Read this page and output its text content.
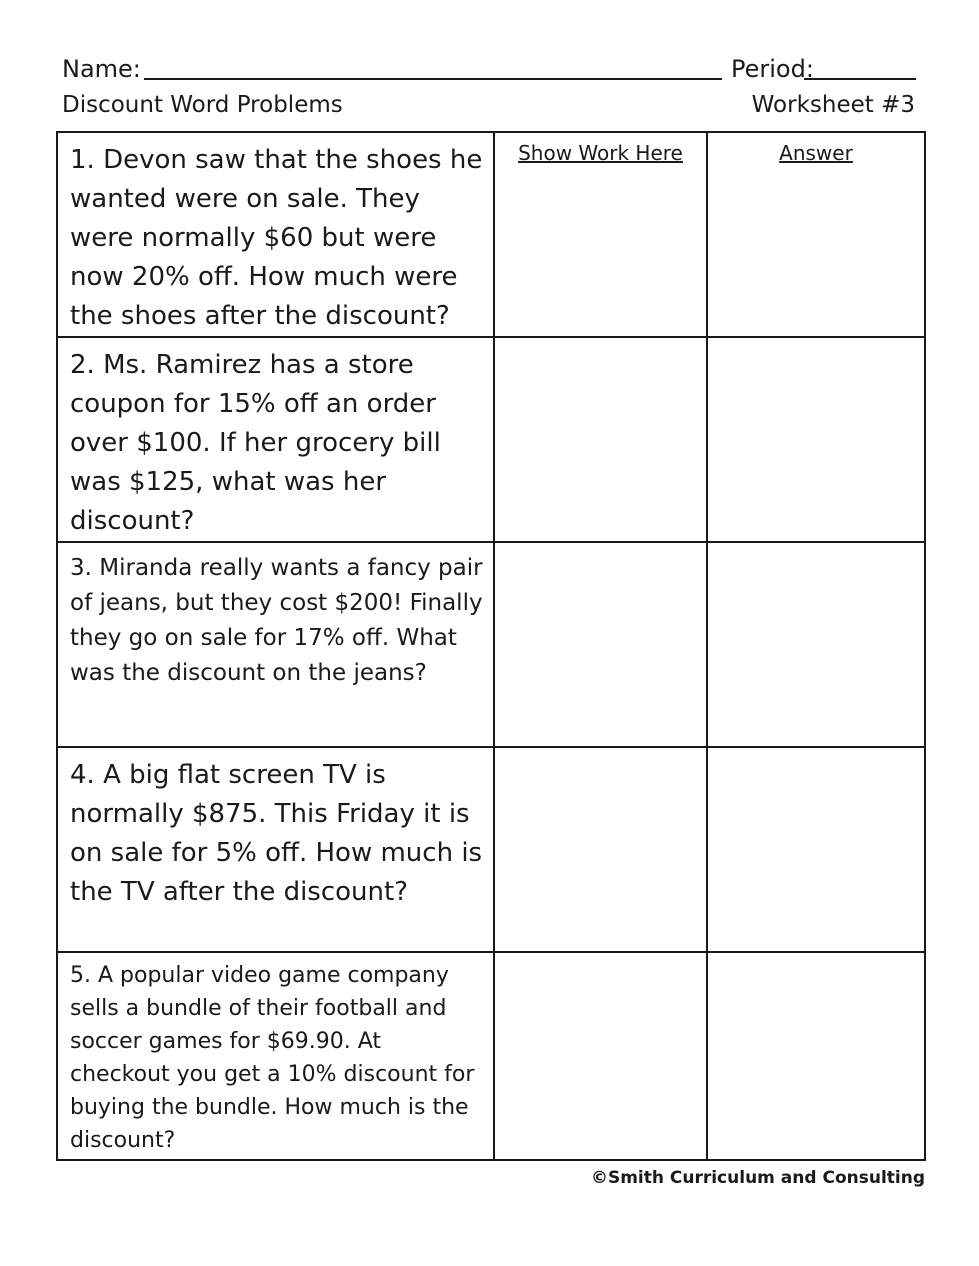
Name:	Period:
Discount Word Problems	Worksheet #3
1. Devon saw that the shoes he wanted were on sale. They were normally $60 but were now 20% off. How much were the shoes after the discount?	Show Work Here	Answer

2. Ms. Ramirez has a store coupon for 15% off an order over $100. If her grocery bill was $125, what was her discount?		

3. Miranda really wants a fancy pair of jeans, but they cost $200! Finally they go on sale for 17% off. What was the discount on the jeans?		

4. A big flat screen TV is normally $875. This Friday it is on sale for 5% off. How much is the TV after the discount?		

5. A popular video game company sells a bundle of their football and soccer games for $69.90. At checkout you get a 10% discount for buying the bundle. How much is the discount?		

©Smith Curriculum and Consulting
